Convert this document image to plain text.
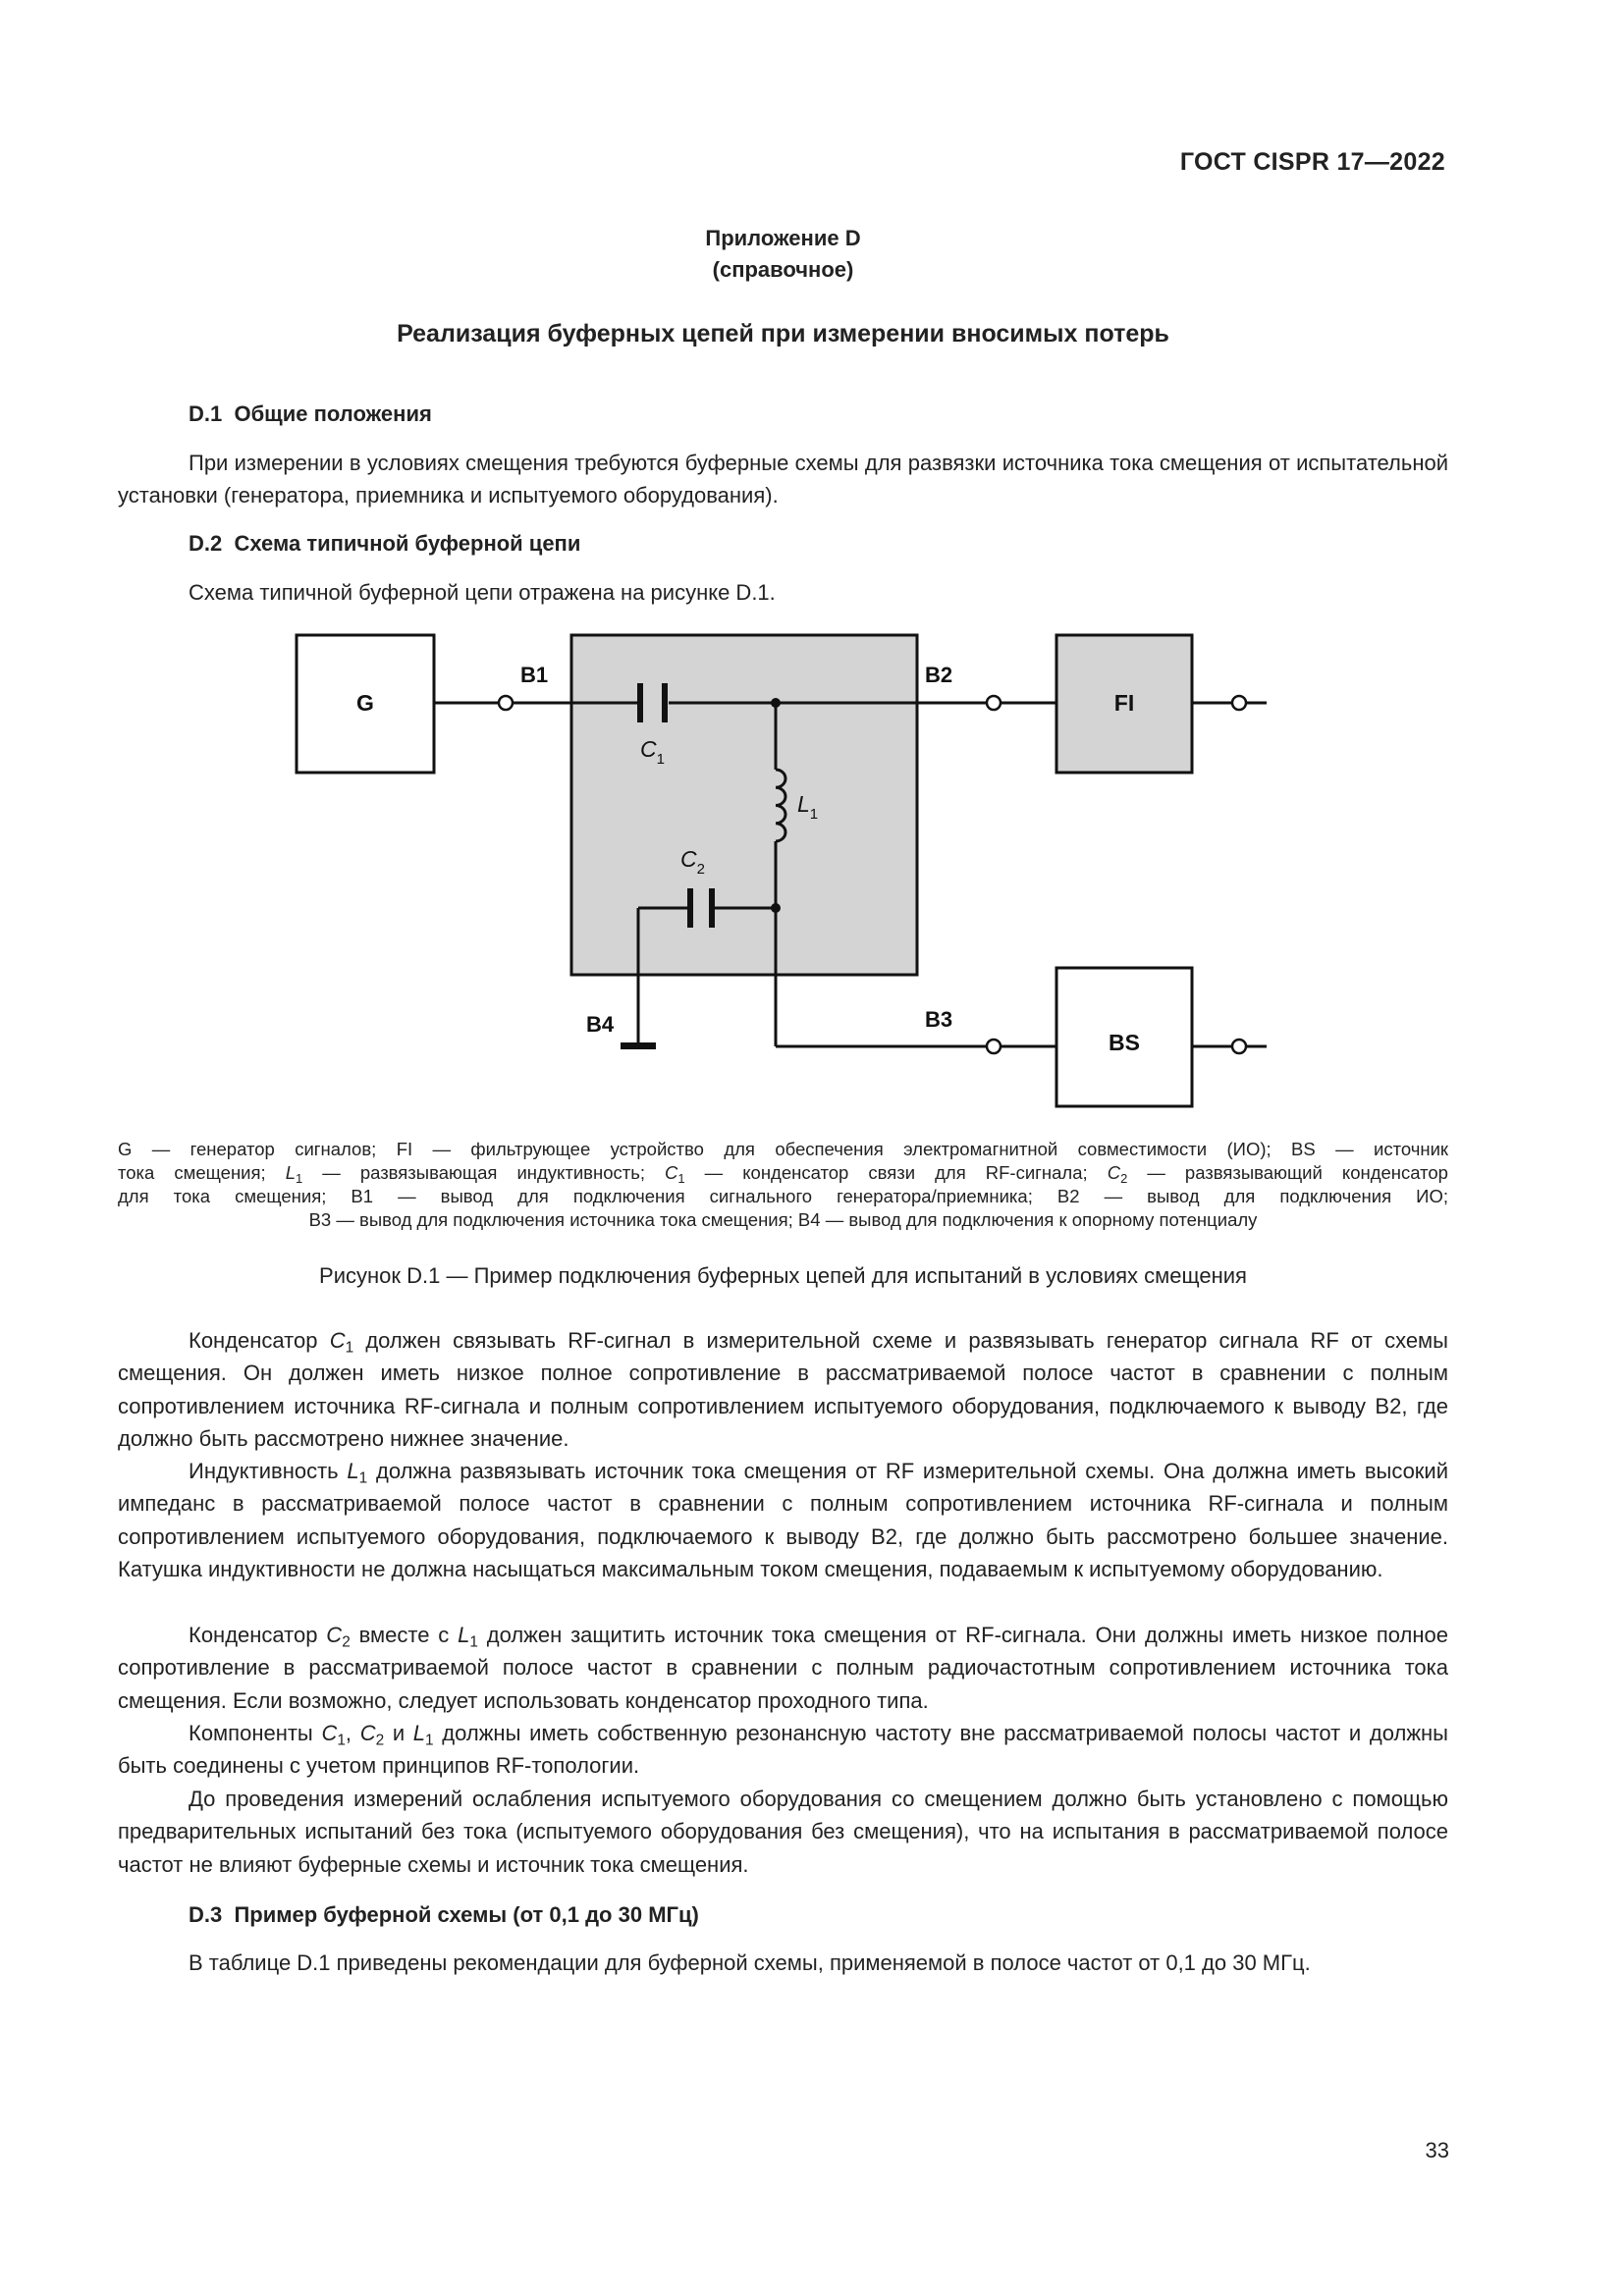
ГОСТ CISPR 17—2022
Приложение D
(справочное)
Реализация буферных цепей при измерении вносимых потерь
D.1  Общие положения

При измерении в условиях смещения требуются буферные схемы для развязки источника тока смещения от испытательной установки (генератора, приемника и испытуемого оборудования).

D.2  Схема типичной буферной цепи

Схема типичной буферной цепи отражена на рисунке D.1.

G	FI
BS
B1	B2
B3
B4
$C_1$
$L_1$
$C_2$

G — генератор сигналов; FI — фильтрующее устройство для обеспечения электромагнитной совместимости (ИО); BS — источник
тока смещения; $L_1$ — развязывающая индуктивность; $C_1$ — конденсатор связи для RF-сигнала; $C_2$ — развязывающий конденсатор
для тока смещения; B1 — вывод для подключения сигнального генератора/приемника; B2 — вывод для подключения ИО;
B3 — вывод для подключения источника тока смещения; B4 — вывод для подключения к опорному потенциалу

Рисунок D.1 — Пример подключения буферных цепей для испытаний в условиях смещения

Конденсатор $C_1$ должен связывать RF-сигнал в измерительной схеме и развязывать генератор сигнала RF от схемы смещения. Он должен иметь низкое полное сопротивление в рассматриваемой полосе частот в сравнении с полным сопротивлением источника RF-сигнала и полным сопротивлением испытуемого оборудования, подключаемого к выводу B2, где должно быть рассмотрено нижнее значение.

Индуктивность $L_1$ должна развязывать источник тока смещения от RF измерительной схемы. Она должна иметь высокий импеданс в рассматриваемой полосе частот в сравнении с полным сопротивлением источника RF-сигнала и полным сопротивлением испытуемого оборудования, подключаемого к выводу B2, где должно быть рассмотрено большее значение. Катушка индуктивности не должна насыщаться максимальным током смещения, подаваемым к испытуемому оборудованию.

Конденсатор $C_2$ вместе с $L_1$ должен защитить источник тока смещения от RF-сигнала. Они должны иметь низкое полное сопротивление в рассматриваемой полосе частот в сравнении с полным радиочастотным сопротивлением источника тока смещения. Если возможно, следует использовать конденсатор проходного типа.

Компоненты $C_1$, $C_2$ и $L_1$ должны иметь собственную резонансную частоту вне рассматриваемой полосы частот и должны быть соединены с учетом принципов RF-топологии.

До проведения измерений ослабления испытуемого оборудования со смещением должно быть установлено с помощью предварительных испытаний без тока (испытуемого оборудования без смещения), что на испытания в рассматриваемой полосе частот не влияют буферные схемы и источник тока смещения.

D.3  Пример буферной схемы (от 0,1 до 30 МГц)

В таблице D.1 приведены рекомендации для буферной схемы, применяемой в полосе частот от 0,1 до 30 МГц.

33
